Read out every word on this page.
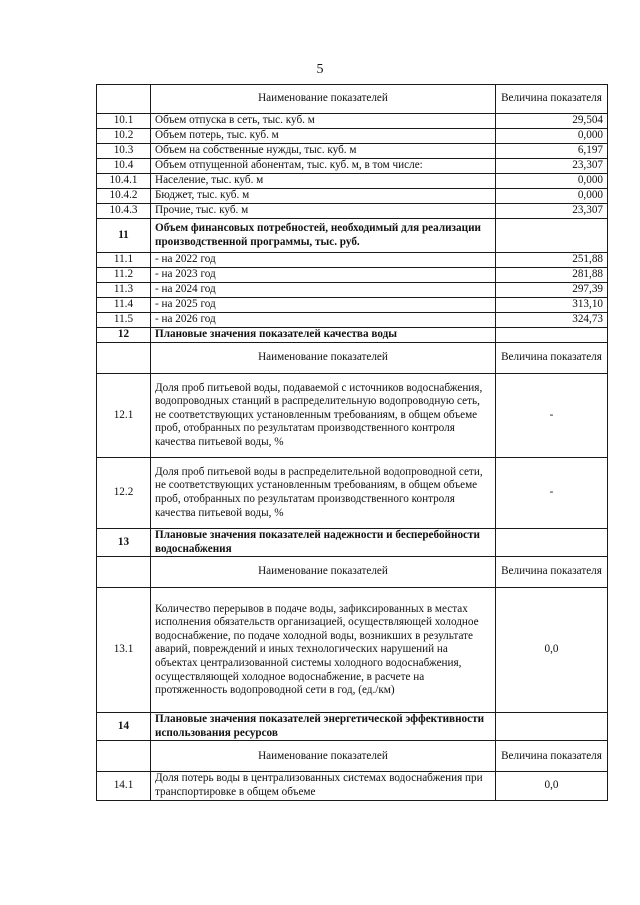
5
	Наименование показателей	Величина показателя
10.1	Объем отпуска в сеть, тыс. куб. м	29,504
10.2	Объем потерь, тыс. куб. м	0,000
10.3	Объем на собственные нужды, тыс. куб. м	6,197
10.4	Объем отпущенной абонентам, тыс. куб. м, в том числе:	23,307
10.4.1	Население, тыс. куб. м	0,000
10.4.2	Бюджет, тыс. куб. м	0,000
10.4.3	Прочие, тыс. куб. м	23,307
11	Объем финансовых потребностей, необходимый для реализации производственной программы, тыс. руб.	
11.1	- на 2022 год	251,88
11.2	- на 2023 год	281,88
11.3	- на 2024 год	297,39
11.4	- на 2025 год	313,10
11.5	- на 2026 год	324,73
12	Плановые значения показателей качества воды	
	Наименование показателей	Величина показателя
12.1	Доля проб питьевой воды, подаваемой с источников водоснабжения, водопроводных станций в распределительную водопроводную сеть, не соответствующих установленным требованиям, в общем объеме проб, отобранных по результатам производственного контроля качества питьевой воды, %	-
12.2	Доля проб питьевой воды в распределительной водопроводной сети, не соответствующих установленным требованиям, в общем объеме проб, отобранных по результатам производственного контроля качества питьевой воды, %	-
13	Плановые значения показателей надежности и бесперебойности водоснабжения	
	Наименование показателей	Величина показателя
13.1	Количество перерывов в подаче воды, зафиксированных в местах исполнения обязательств организацией, осуществляющей холодное водоснабжение, по подаче холодной воды, возникших в результате аварий, повреждений и иных технологических нарушений на объектах централизованной системы холодного водоснабжения, осуществляющей холодное водоснабжение, в расчете на протяженность водопроводной сети в год, (ед./км)	0,0
14	Плановые значения показателей энергетической эффективности использования ресурсов	
	Наименование показателей	Величина показателя
14.1	Доля потерь воды в централизованных системах водоснабжения при транспортировке в общем объеме	0,0
